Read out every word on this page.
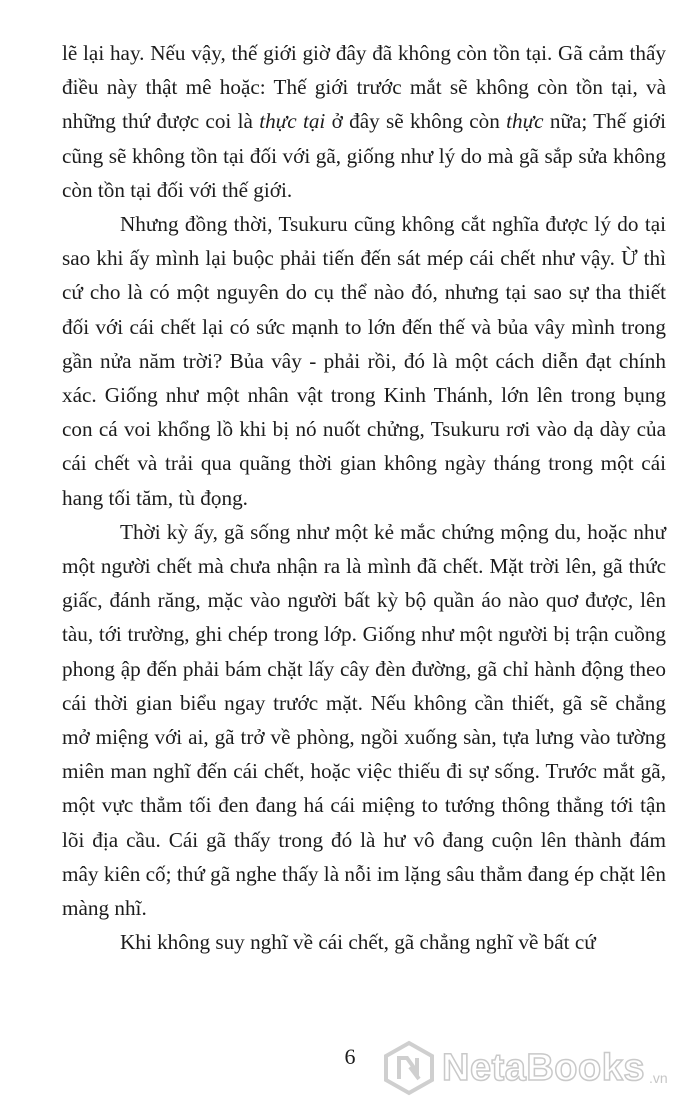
lẽ lại hay. Nếu vậy, thế giới giờ đây đã không còn tồn tại. Gã cảm thấy điều này thật mê hoặc: Thế giới trước mắt sẽ không còn tồn tại, và những thứ được coi là thực tại ở đây sẽ không còn thực nữa; Thế giới cũng sẽ không tồn tại đối với gã, giống như lý do mà gã sắp sửa không còn tồn tại đối với thế giới.

Nhưng đồng thời, Tsukuru cũng không cắt nghĩa được lý do tại sao khi ấy mình lại buộc phải tiến đến sát mép cái chết như vậy. Ừ thì cứ cho là có một nguyên do cụ thể nào đó, nhưng tại sao sự tha thiết đối với cái chết lại có sức mạnh to lớn đến thế và bủa vây mình trong gần nửa năm trời? Bủa vây - phải rồi, đó là một cách diễn đạt chính xác. Giống như một nhân vật trong Kinh Thánh, lớn lên trong bụng con cá voi khổng lồ khi bị nó nuốt chửng, Tsukuru rơi vào dạ dày của cái chết và trải qua quãng thời gian không ngày tháng trong một cái hang tối tăm, tù đọng.

Thời kỳ ấy, gã sống như một kẻ mắc chứng mộng du, hoặc như một người chết mà chưa nhận ra là mình đã chết. Mặt trời lên, gã thức giấc, đánh răng, mặc vào người bất kỳ bộ quần áo nào quơ được, lên tàu, tới trường, ghi chép trong lớp. Giống như một người bị trận cuồng phong ập đến phải bám chặt lấy cây đèn đường, gã chỉ hành động theo cái thời gian biểu ngay trước mặt. Nếu không cần thiết, gã sẽ chẳng mở miệng với ai, gã trở về phòng, ngồi xuống sàn, tựa lưng vào tường miên man nghĩ đến cái chết, hoặc việc thiếu đi sự sống. Trước mắt gã, một vực thẳm tối đen đang há cái miệng to tướng thông thẳng tới tận lõi địa cầu. Cái gã thấy trong đó là hư vô đang cuộn lên thành đám mây kiên cố; thứ gã nghe thấy là nỗi im lặng sâu thẳm đang ép chặt lên màng nhĩ.

Khi không suy nghĩ về cái chết, gã chẳng nghĩ về bất cứ

6	NetaBooks .vn
